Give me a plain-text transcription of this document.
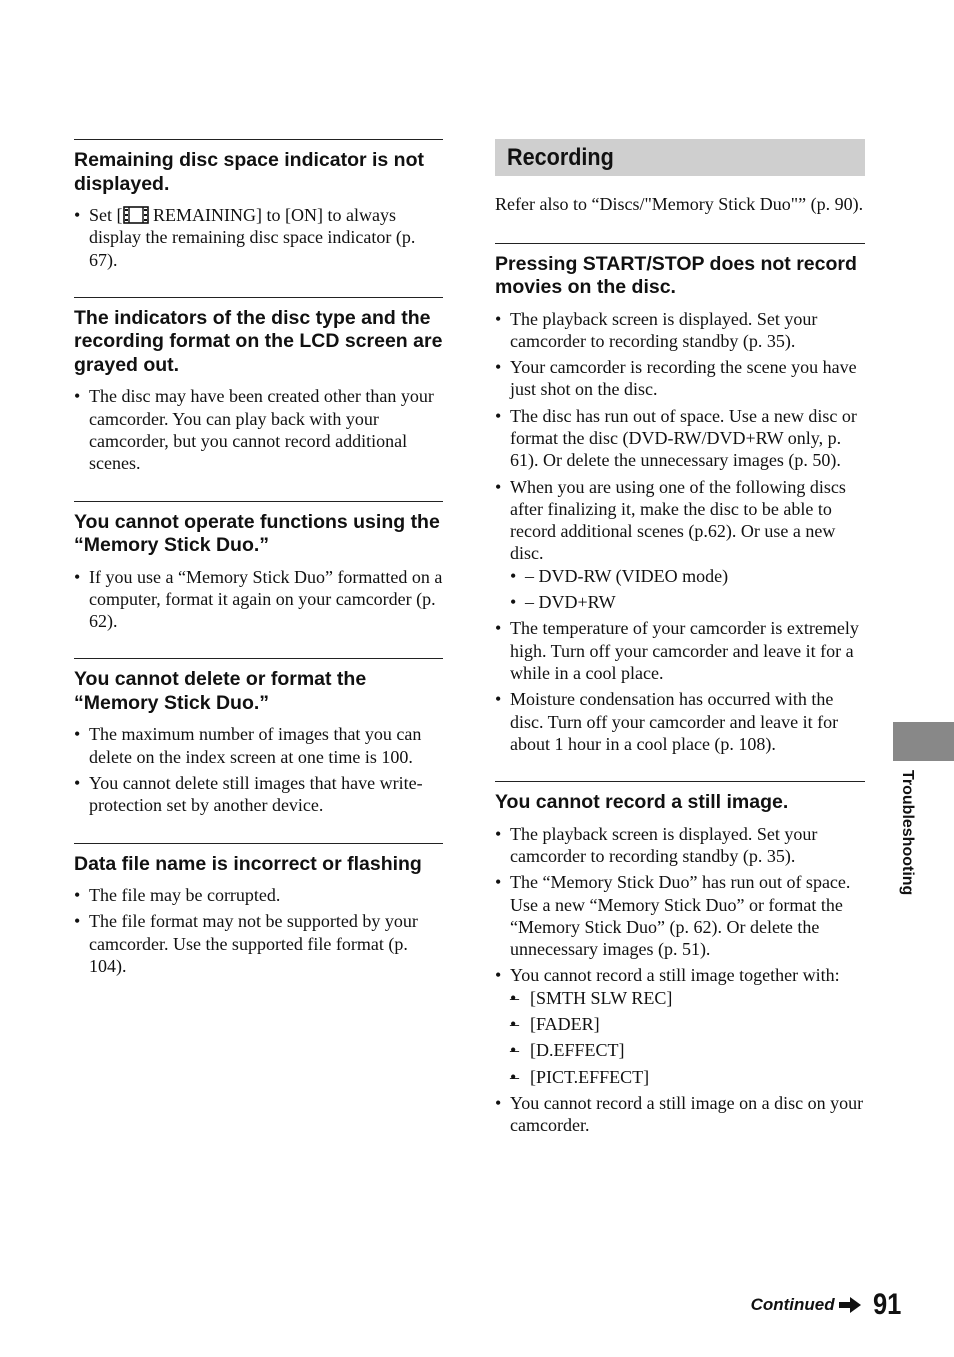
Remaining disc space indicator is not displayed.
• Set [ REMAINING] to [ON] to always display the remaining disc space indicator (p. 67).
The indicators of the disc type and the recording format on the LCD screen are grayed out.
• The disc may have been created other than your camcorder. You can play back with your camcorder, but you cannot record additional scenes.
You cannot operate functions using the “Memory Stick Duo.”
• If you use a “Memory Stick Duo” formatted on a computer, format it again on your camcorder (p. 62).
You cannot delete or format the “Memory Stick Duo.”
• The maximum number of images that you can delete on the index screen at one time is 100.
• You cannot delete still images that have write-protection set by another device.
Data file name is incorrect or flashing
• The file may be corrupted.
• The file format may not be supported by your camcorder. Use the supported file format (p. 104).
Recording

Refer also to “Discs/"Memory Stick Duo"” (p. 90).

Pressing START/STOP does not record movies on the disc.
• The playback screen is displayed. Set your camcorder to recording standby (p. 35).
• Your camcorder is recording the scene you have just shot on the disc.
• The disc has run out of space. Use a new disc or format the disc (DVD-RW/DVD+RW only, p. 61). Or delete the unnecessary images (p. 50).
• When you are using one of the following discs after finalizing it, make the disc to be able to record additional scenes (p.62). Or use a new disc.
• – DVD-RW (VIDEO mode)
• – DVD+RW
• The temperature of your camcorder is extremely high. Turn off your camcorder and leave it for a while in a cool place.
• Moisture condensation has occurred with the disc. Turn off your camcorder and leave it for about 1 hour in a cool place (p. 108).
You cannot record a still image.
• The playback screen is displayed. Set your camcorder to recording standby (p. 35).
• The “Memory Stick Duo” has run out of space. Use a new “Memory Stick Duo” or format the “Memory Stick Duo” (p. 62). Or delete the unnecessary images (p. 51).
• You cannot record a still image together with:
• – [SMTH SLW REC]
• – [FADER]
• – [D.EFFECT]
• – [PICT.EFFECT]
• You cannot record a still image on a disc on your camcorder.
Troubleshooting
Continued 91
